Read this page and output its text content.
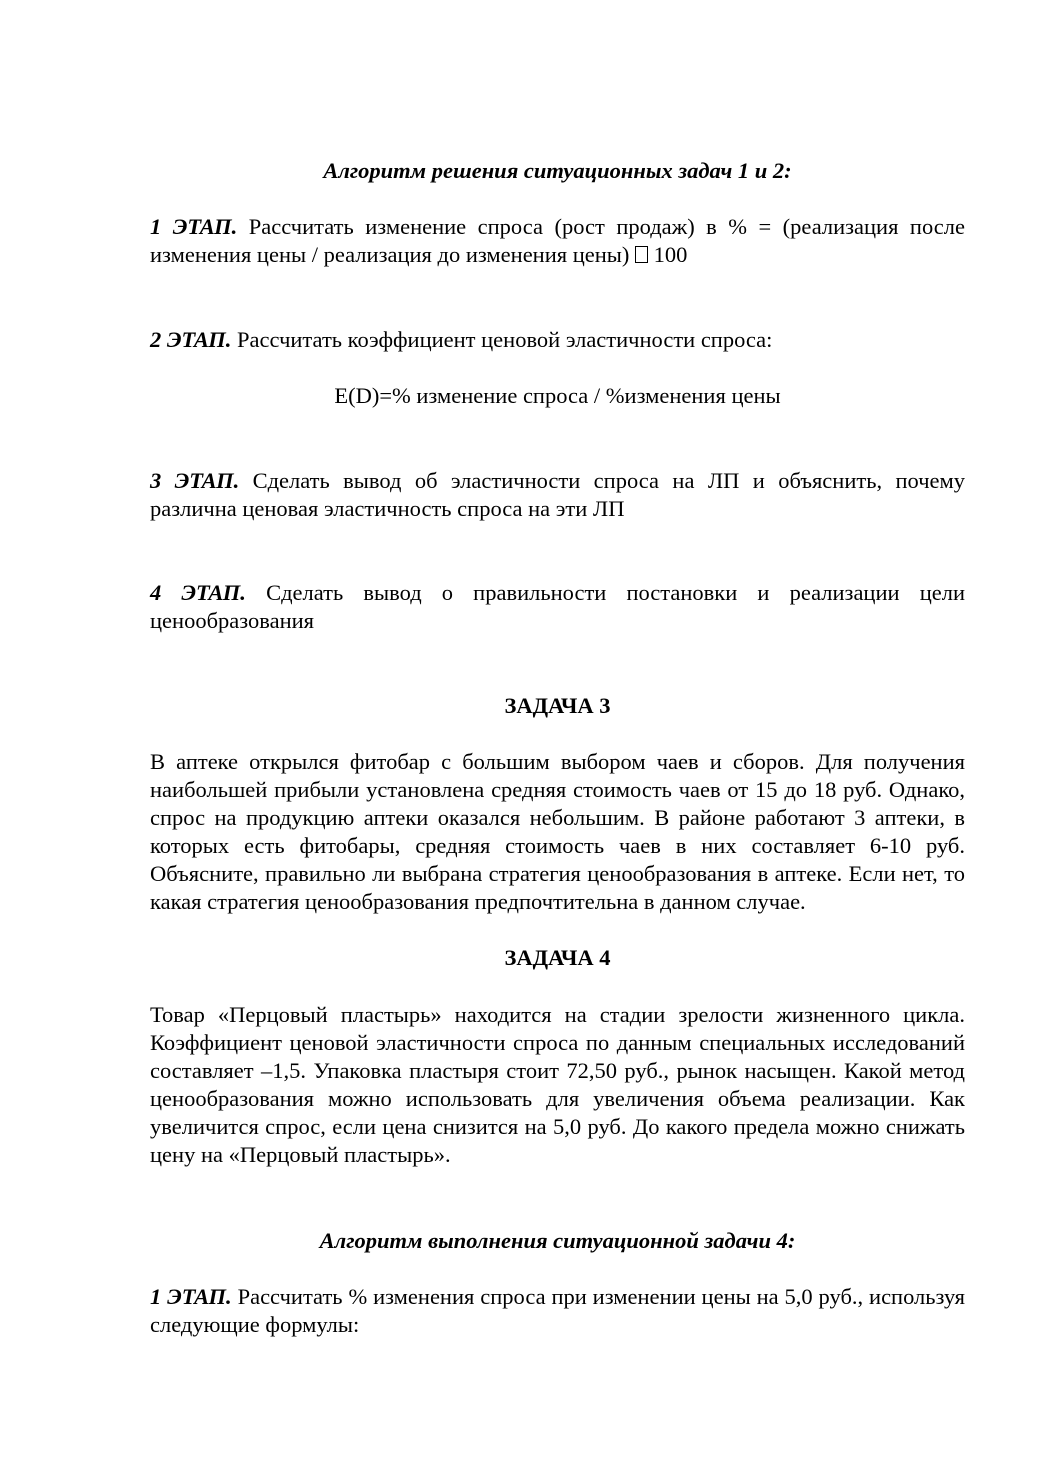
Алгоритм решения ситуационных задач 1 и 2:
1 ЭТАП. Рассчитать изменение спроса (рост продаж) в % = (реализация после изменения цены / реализация до изменения цены)  100
2 ЭТАП. Рассчитать коэффициент ценовой эластичности спроса:
E(D)=% изменение спроса / %изменения цены
3 ЭТАП. Сделать вывод об эластичности спроса на ЛП и объяснить, почему различна ценовая эластичность спроса на эти ЛП
4 ЭТАП. Сделать вывод о правильности постановки и реализации цели ценообразования
ЗАДАЧА 3
В аптеке открылся фитобар с большим выбором чаев и сборов. Для получения наибольшей прибыли установлена средняя стоимость чаев от 15 до 18 руб. Однако, спрос на продукцию аптеки оказался небольшим. В районе работают 3 аптеки, в которых есть фитобары, средняя стоимость чаев в них составляет 6-10 руб. Объясните, правильно ли выбрана стратегия ценообразования в аптеке. Если нет, то какая стратегия ценообразования предпочтительна в данном случае.
ЗАДАЧА 4
Товар «Перцовый пластырь» находится на стадии зрелости жизненного цикла. Коэффициент ценовой эластичности спроса по данным специальных исследований составляет –1,5. Упаковка пластыря стоит 72,50 руб., рынок насыщен. Какой метод ценообразования можно использовать для увеличения объема реализации. Как увеличится спрос, если цена снизится на 5,0 руб. До какого предела можно снижать цену на «Перцовый пластырь».
Алгоритм выполнения ситуационной задачи 4:
1 ЭТАП. Рассчитать % изменения спроса при изменении цены на 5,0 руб., используя следующие формулы:
